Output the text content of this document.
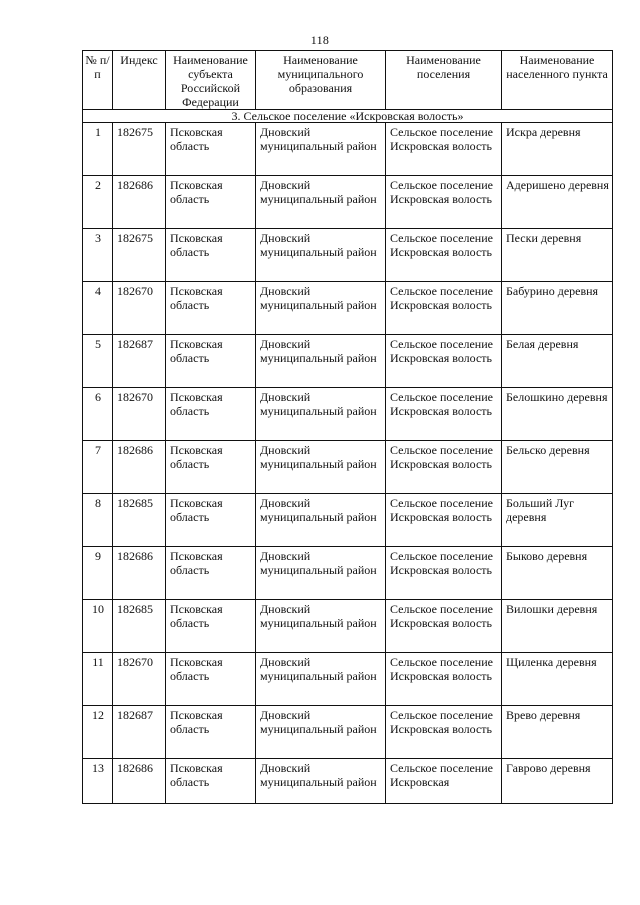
118
№ п/п	Индекс	Наименование субъекта Российской Федерации	Наименование муниципального образования	Наименование поселения	Наименование населенного пункта
3. Сельское поселение «Искровская волость»					

1	182675	Псковская область	Дновский муниципальный район	Сельское поселение Искровская волость	Искра деревня

2	182686	Псковская область	Дновский муниципальный район	Сельское поселение Искровская волость	Адеришено деревня

3	182675	Псковская область	Дновский муниципальный район	Сельское поселение Искровская волость	Пески деревня

4	182670	Псковская область	Дновский муниципальный район	Сельское поселение Искровская волость	Бабурино деревня

5	182687	Псковская область	Дновский муниципальный район	Сельское поселение Искровская волость	Белая деревня

6	182670	Псковская область	Дновский муниципальный район	Сельское поселение Искровская волость	Белошкино деревня

7	182686	Псковская область	Дновский муниципальный район	Сельское поселение Искровская волость	Бельско деревня

8	182685	Псковская область	Дновский муниципальный район	Сельское поселение Искровская волость	Больший Луг деревня

9	182686	Псковская область	Дновский муниципальный район	Сельское поселение Искровская волость	Быково деревня

10	182685	Псковская область	Дновский муниципальный район	Сельское поселение Искровская волость	Вилошки деревня

11	182670	Псковская область	Дновский муниципальный район	Сельское поселение Искровская волость	Щиленка деревня

12	182687	Псковская область	Дновский муниципальный район	Сельское поселение Искровская волость	Врево деревня

13	182686	Псковская область	Дновский муниципальный район	Сельское поселение Искровская	Гаврово деревня
